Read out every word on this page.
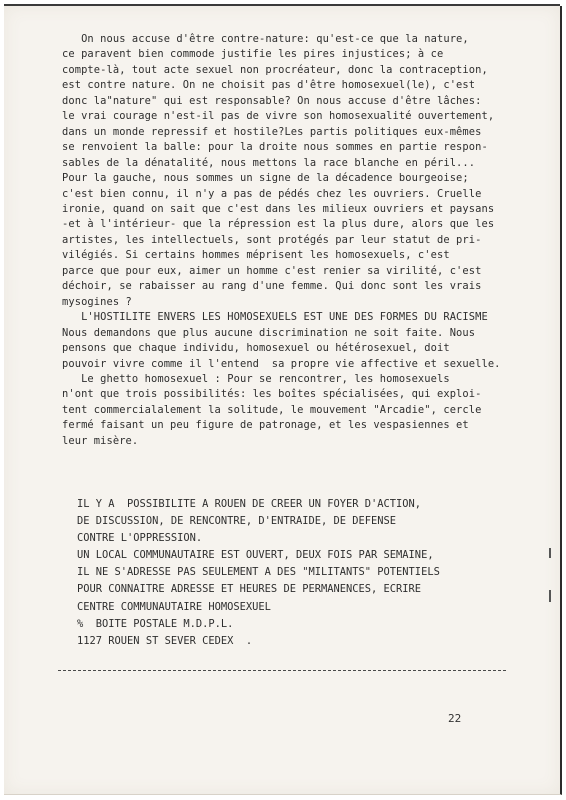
On nous accuse d'être contre-nature: qu'est-ce que la nature,
ce paravent bien commode justifie les pires injustices; à ce
compte-là, tout acte sexuel non procréateur, donc la contraception,
est contre nature. On ne choisit pas d'être homosexuel(le), c'est
donc la"nature" qui est responsable? On nous accuse d'être lâches:
le vrai courage n'est-il pas de vivre son homosexualité ouvertement,
dans un monde repressif et hostile?Les partis politiques eux-mêmes
se renvoient la balle: pour la droite nous sommes en partie respon-
sables de la dénatalité, nous mettons la race blanche en péril...
Pour la gauche, nous sommes un signe de la décadence bourgeoise;
c'est bien connu, il n'y a pas de pédés chez les ouvriers. Cruelle
ironie, quand on sait que c'est dans les milieux ouvriers et paysans
-et à l'intérieur- que la répression est la plus dure, alors que les
artistes, les intellectuels, sont protégés par leur statut de pri-
vilégiés. Si certains hommes méprisent les homosexuels, c'est
parce que pour eux, aimer un homme c'est renier sa virilité, c'est
déchoir, se rabaisser au rang d'une femme. Qui donc sont les vrais
mysogines ?
L'HOSTILITE ENVERS LES HOMOSEXUELS EST UNE DES FORMES DU RACISME
Nous demandons que plus aucune discrimination ne soit faite. Nous
pensons que chaque individu, homosexuel ou hétérosexuel, doit
pouvoir vivre comme il l'entend  sa propre vie affective et sexuelle.
Le ghetto homosexuel : Pour se rencontrer, les homosexuels
n'ont que trois possibilités: les boîtes spécialisées, qui exploi-
tent commercialalement la solitude, le mouvement "Arcadie", cercle
fermé faisant un peu figure de patronage, et les vespasiennes et
leur misère.
IL Y A  POSSIBILITE A ROUEN DE CREER UN FOYER D'ACTION,
DE DISCUSSION, DE RENCONTRE, D'ENTRAIDE, DE DEFENSE
CONTRE L'OPPRESSION.
UN LOCAL COMMUNAUTAIRE EST OUVERT, DEUX FOIS PAR SEMAINE,
IL NE S'ADRESSE PAS SEULEMENT A DES "MILITANTS" POTENTIELS
POUR CONNAITRE ADRESSE ET HEURES DE PERMANENCES, ECRIRE
CENTRE COMMUNAUTAIRE HOMOSEXUEL
%  BOITE POSTALE M.D.P.L.
1127 ROUEN ST SEVER CEDEX  .
22
